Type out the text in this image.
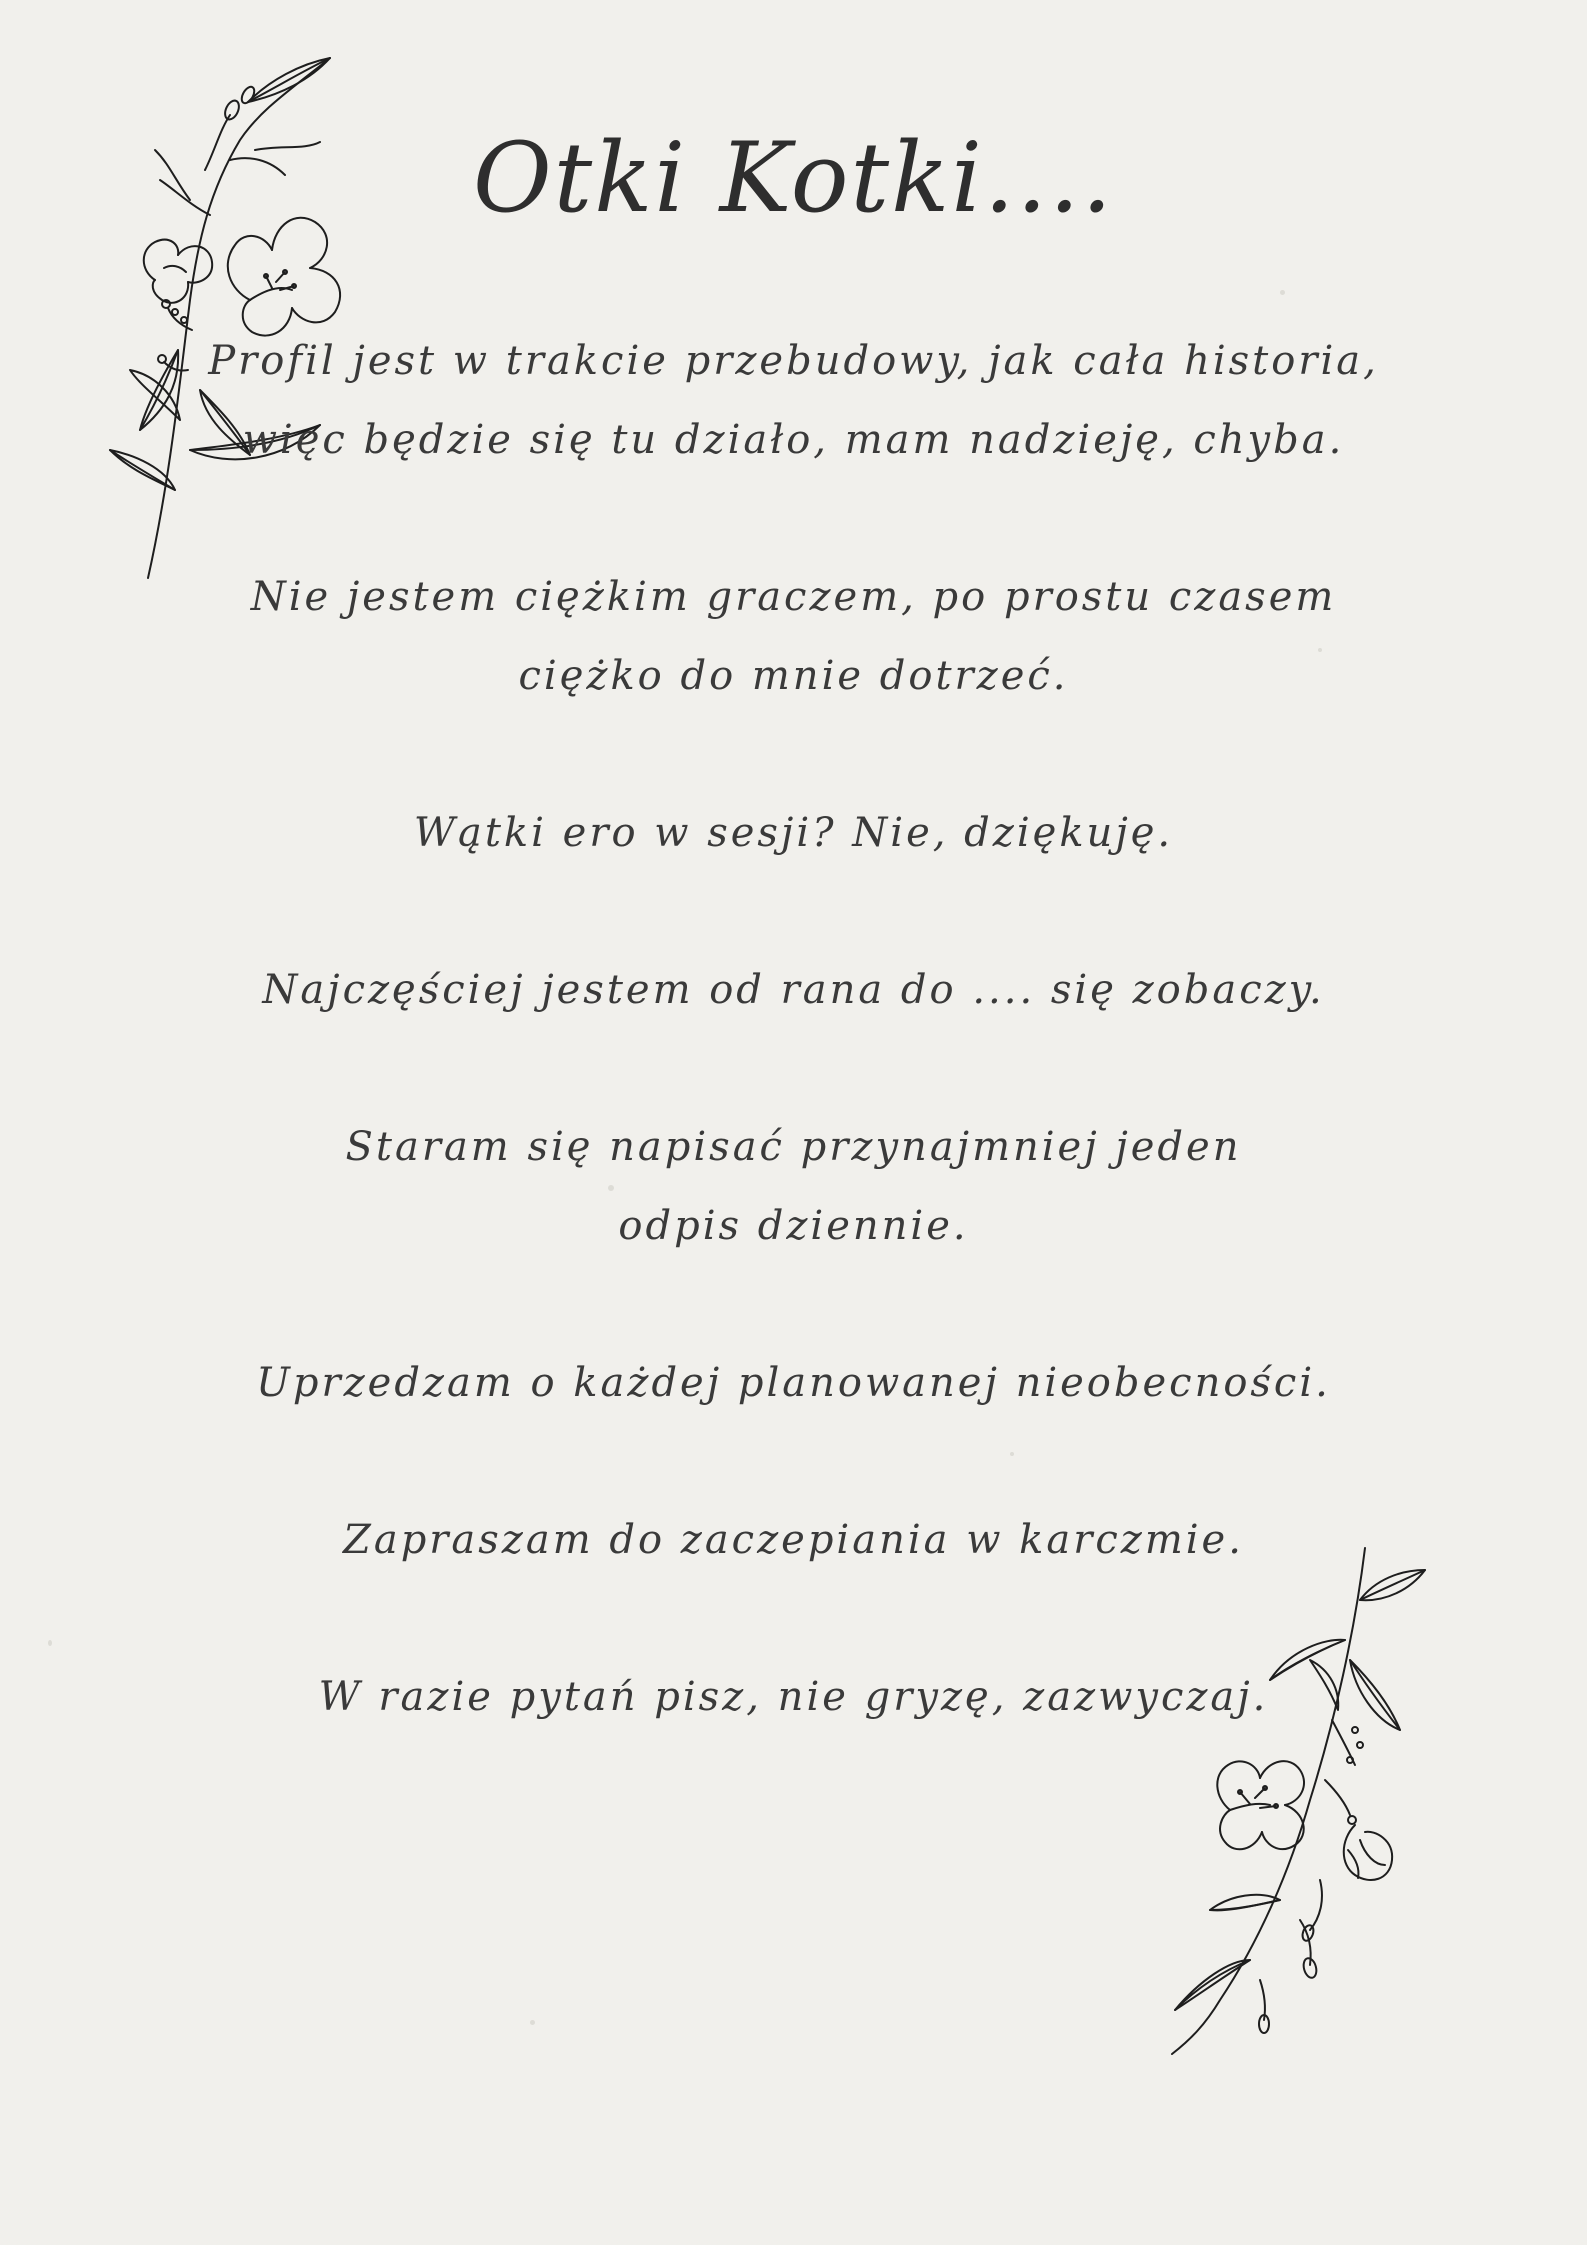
Otki Kotki....

Profil jest w trakcie przebudowy, jak cała historia, więc będzie się tu działo, mam nadzieję, chyba.

Nie jestem ciężkim graczem, po prostu czasem ciężko do mnie dotrzeć.

Wątki ero w sesji? Nie, dziękuję.

Najczęściej jestem od rana do .... się zobaczy.

Staram się napisać przynajmniej jeden odpis dziennie.

Uprzedzam o każdej planowanej nieobecności.

Zapraszam do zaczepiania w karczmie.

W razie pytań pisz, nie gryzę, zazwyczaj.
